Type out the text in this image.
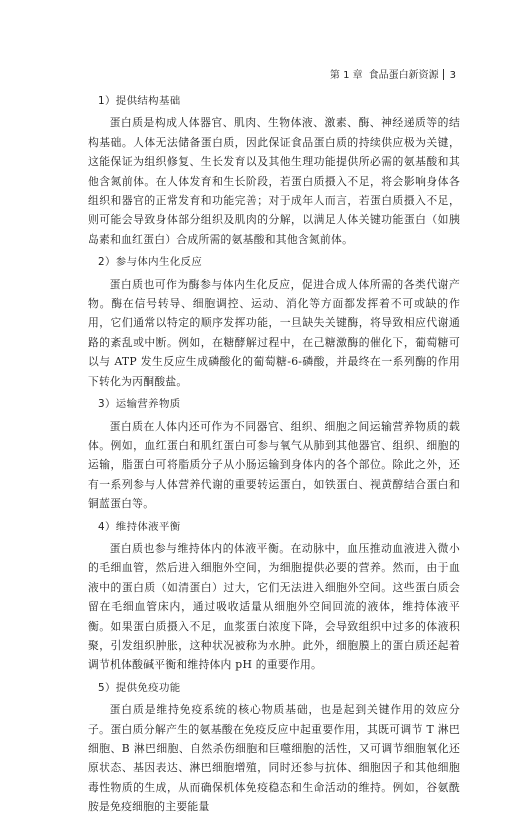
第 1 章 食品蛋白新资源 3
1）提供结构基础

蛋白质是构成人体器官、肌肉、生物体液、激素、酶、神经递质等的结构基础。人体无法储备蛋白质，因此保证食品蛋白质的持续供应极为关键，这能保证为组织修复、生长发育以及其他生理功能提供所必需的氨基酸和其他含氮前体。在人体发育和生长阶段，若蛋白质摄入不足，将会影响身体各组织和器官的正常发育和功能完善；对于成年人而言，若蛋白质摄入不足，则可能会导致身体部分组织及肌肉的分解，以满足人体关键功能蛋白（如胰岛素和血红蛋白）合成所需的氨基酸和其他含氮前体。

2）参与体内生化反应

蛋白质也可作为酶参与体内生化反应，促进合成人体所需的各类代谢产物。酶在信号转导、细胞调控、运动、消化等方面都发挥着不可或缺的作用，它们通常以特定的顺序发挥功能，一旦缺失关键酶，将导致相应代谢通路的紊乱或中断。例如，在糖酵解过程中，在己糖激酶的催化下，葡萄糖可以与 ATP 发生反应生成磷酸化的葡萄糖-6-磷酸，并最终在一系列酶的作用下转化为丙酮酸盐。

3）运输营养物质

蛋白质在人体内还可作为不同器官、组织、细胞之间运输营养物质的载体。例如，血红蛋白和肌红蛋白可参与氧气从肺到其他器官、组织、细胞的运输，脂蛋白可将脂质分子从小肠运输到身体内的各个部位。除此之外，还有一系列参与人体营养代谢的重要转运蛋白，如铁蛋白、视黄醇结合蛋白和铜蓝蛋白等。

4）维持体液平衡

蛋白质也参与维持体内的体液平衡。在动脉中，血压推动血液进入微小的毛细血管，然后进入细胞外空间，为细胞提供必要的营养。然而，由于血液中的蛋白质（如清蛋白）过大，它们无法进入细胞外空间。这些蛋白质会留在毛细血管床内，通过吸收适量从细胞外空间回流的液体，维持体液平衡。如果蛋白质摄入不足，血浆蛋白浓度下降，会导致组织中过多的体液积聚，引发组织肿胀，这种状况被称为水肿。此外，细胞膜上的蛋白质还起着调节机体酸碱平衡和维持体内 pH 的重要作用。

5）提供免疫功能

蛋白质是维持免疫系统的核心物质基础，也是起到关键作用的效应分子。蛋白质分解产生的氨基酸在免疫反应中起重要作用，其既可调节 T 淋巴细胞、B 淋巴细胞、自然杀伤细胞和巨噬细胞的活性，又可调节细胞氧化还原状态、基因表达、淋巴细胞增殖，同时还参与抗体、细胞因子和其他细胞毒性物质的生成，从而确保机体免疫稳态和生命活动的维持。例如，谷氨酰胺是免疫细胞的主要能量
